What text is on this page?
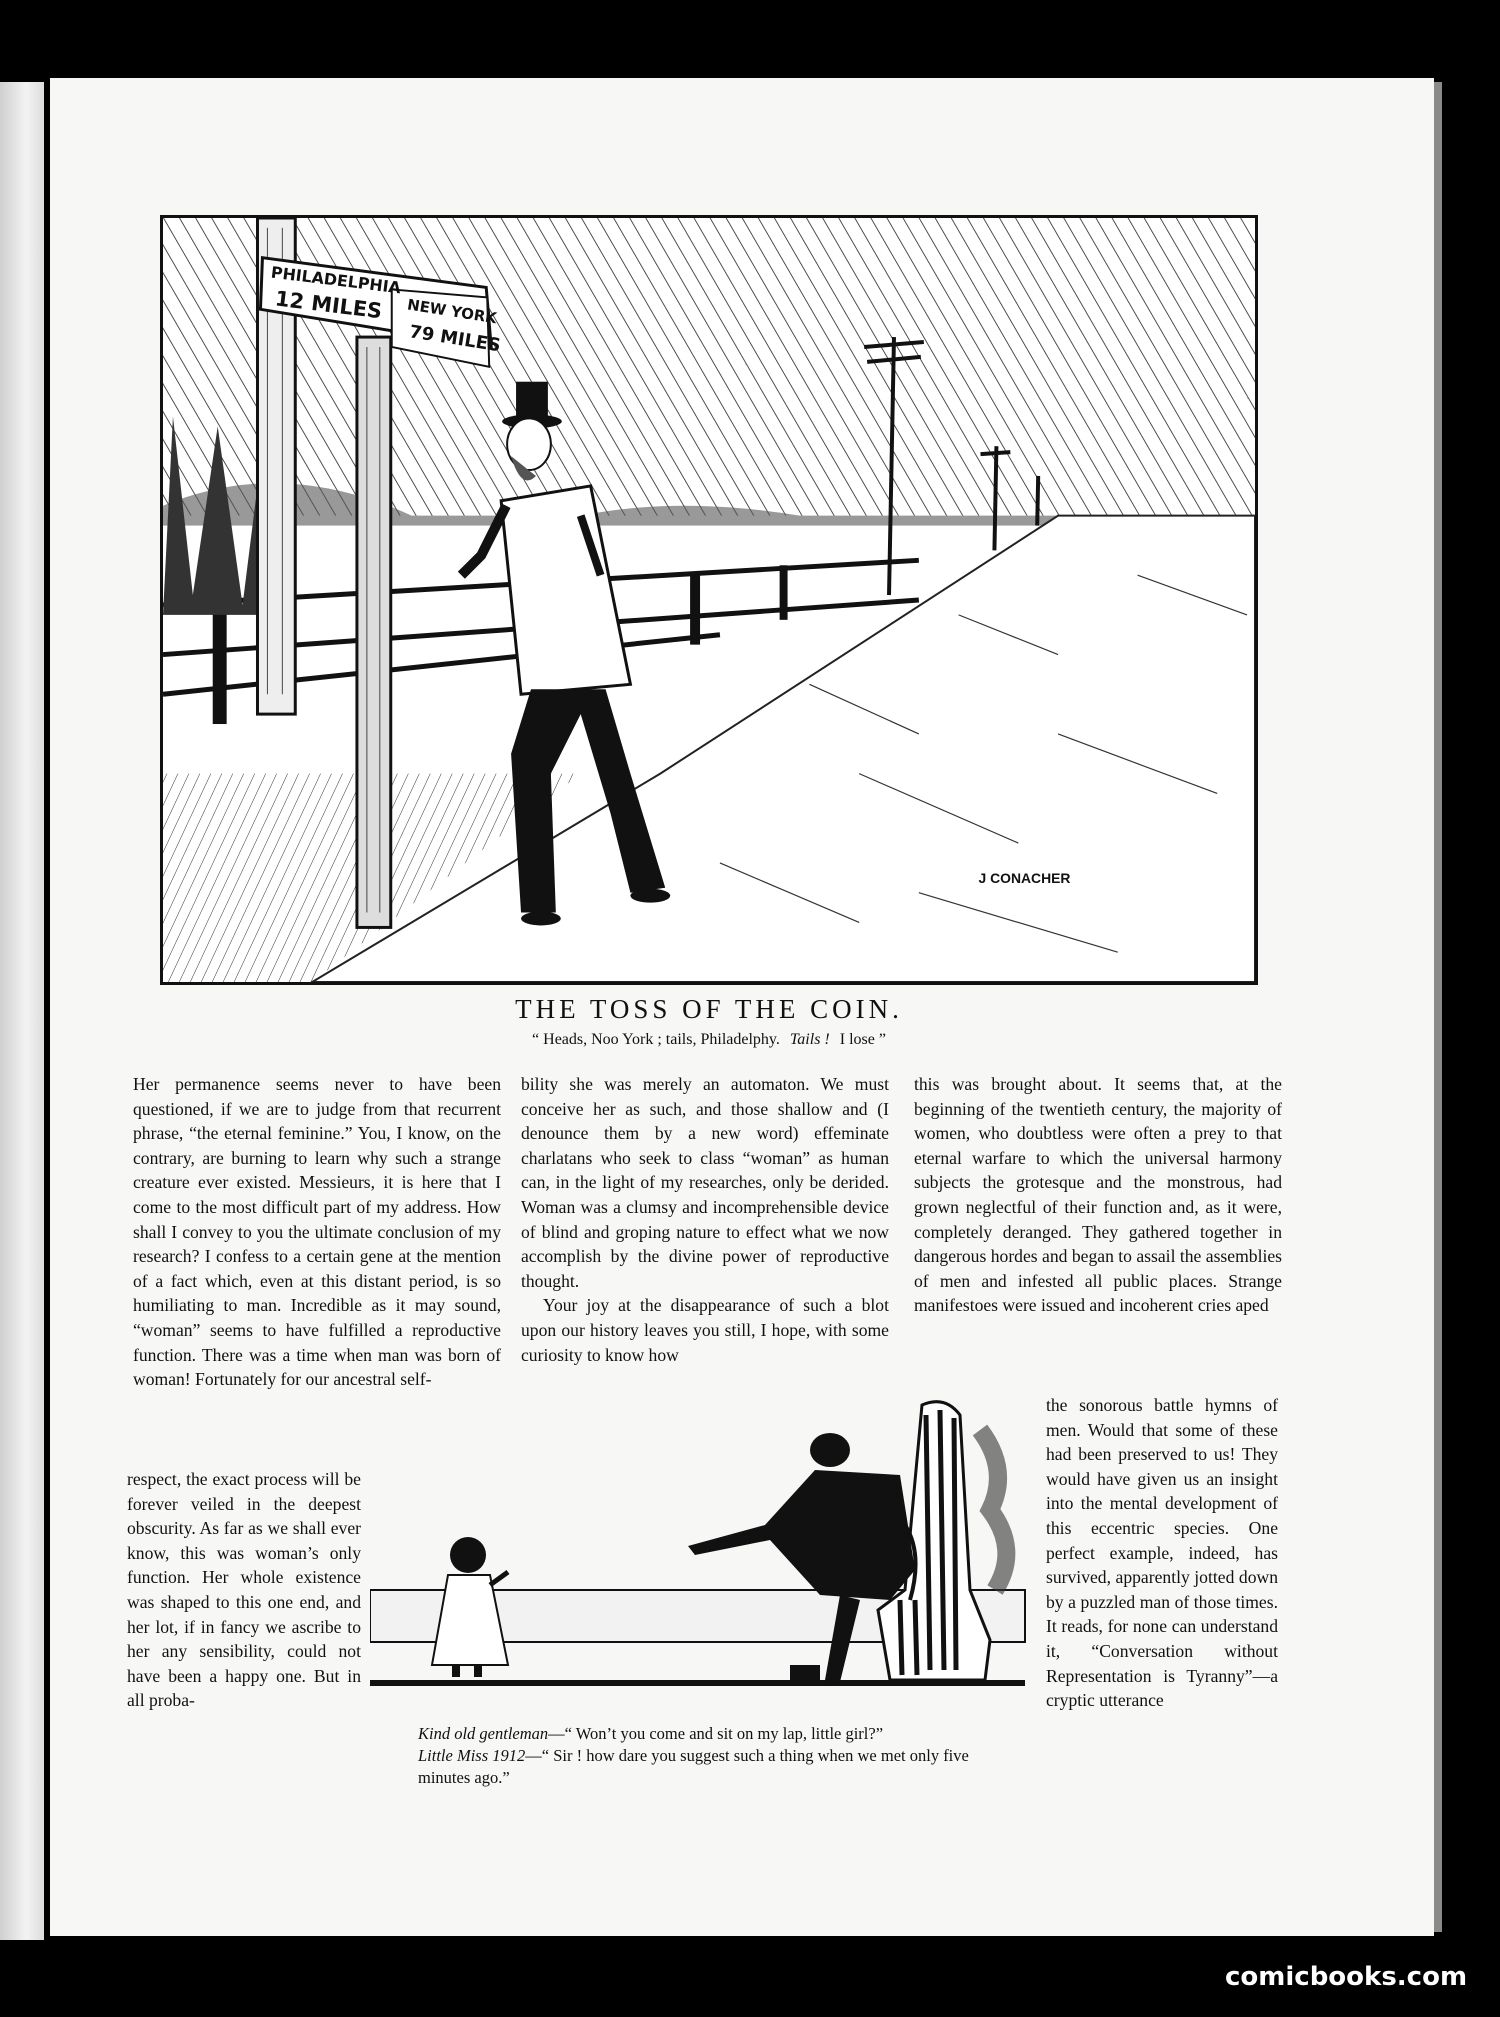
PHILADELPHIA
12 MILES NEW YORK
79 MILES
J CONACHER
THE TOSS OF THE COIN.
“ Heads, Noo York ; tails, Philadelphy. Tails ! I lose ”

Her permanence seems never to have been questioned, if we are to judge from that recurrent phrase, “the eternal feminine.” You, I know, on the contrary, are burning to learn why such a strange creature ever existed. Messieurs, it is here that I come to the most difficult part of my address. How shall I convey to you the ultimate conclusion of my research? I confess to a certain gene at the mention of a fact which, even at this distant period, is so humiliating to man. Incredible as it may sound, “woman” seems to have fulfilled a reproductive function. There was a time when man was born of woman! Fortunately for our ancestral self-

respect, the exact process will be forever veiled in the deepest obscurity. As far as we shall ever know, this was woman’s only function. Her whole existence was shaped to this one end, and her lot, if in fancy we ascribe to her any sensibility, could not have been a happy one. But in all proba-

bility she was merely an automaton. We must conceive her as such, and those shallow and (I denounce them by a new word) effeminate charlatans who seek to class “woman” as human can, in the light of my researches, only be derided. Woman was a clumsy and incomprehensible device of blind and groping nature to effect what we now accomplish by the divine power of reproductive thought.

Your joy at the disappearance of such a blot upon our history leaves you still, I hope, with some curiosity to know how

this was brought about. It seems that, at the beginning of the twentieth century, the majority of women, who doubtless were often a prey to that eternal warfare to which the universal harmony subjects the grotesque and the monstrous, had grown neglectful of their function and, as it were, completely deranged. They gathered together in dangerous hordes and began to assail the assemblies of men and infested all public places. Strange manifestoes were issued and incoherent cries aped

the sonorous battle hymns of men. Would that some of these had been preserved to us! They would have given us an insight into the mental development of this eccentric species. One perfect example, indeed, has survived, apparently jotted down by a puzzled man of those times. It reads, for none can understand it, “Conversation without Representation is Tyranny”—a cryptic utterance

Kind old gentleman—“ Won’t you come and sit on my lap, little girl?”
Little Miss 1912—“ Sir ! how dare you suggest such a thing when we met only five minutes ago.”
comicbooks.com
